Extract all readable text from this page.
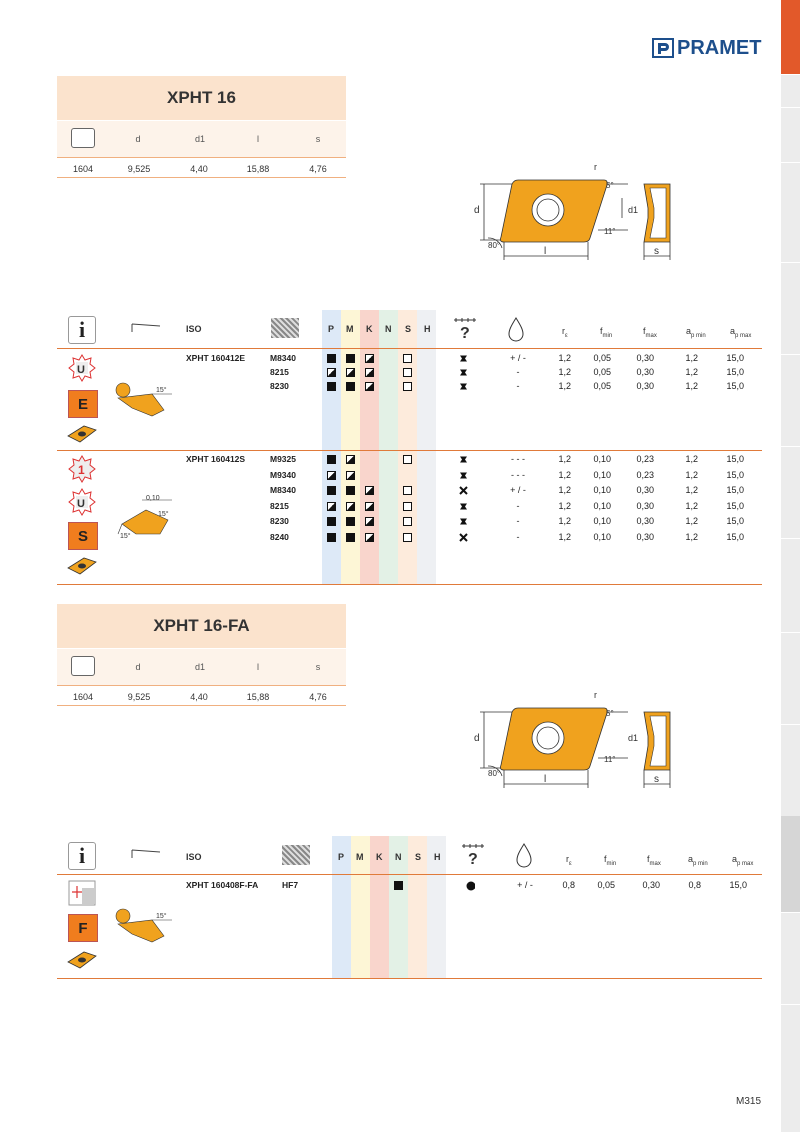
PRAMET
XPHT 16
d	d1	l	s
1604	9,525	4,40	15,88	4,76
d
l	s
d1
r
5°
11°
80°
i	ISO	P M K N S H ?	$r_\varepsilon$	$f_{min}$	$f_{max}$	$a_{p min}$	$a_{p max}$
U
E
15°
XPHT 160412E	M8340	+ / -	1,2	0,05	0,30	1,2	15,0
8215	-	1,2	0,05	0,30	1,2	15,0
8230	-	1,2	0,05	0,30	1,2	15,0
1
U
S
0,10
15°
15°
XPHT 160412S	M9325	- - -	1,2	0,10	0,23	1,2	15,0
M9340	- - -	1,2	0,10	0,23	1,2	15,0
M8340	+ / -	1,2	0,10	0,30	1,2	15,0
8215	-	1,2	0,10	0,30	1,2	15,0
8230	-	1,2	0,10	0,30	1,2	15,0
8240	-	1,2	0,10	0,30	1,2	15,0
XPHT 16-FA
d	d1	l	s
1604	9,525	4,40	15,88	4,76
d
l	s
d1
r
5°
11°
80°
i	ISO	P M K N S H ?	$r_\varepsilon$	$f_{min}$	$f_{max}$	$a_{p min}$	$a_{p max}$
F
15°
XPHT 160408F-FA	HF7	+ / -	0,8	0,05	0,30	0,8	15,0
M315
